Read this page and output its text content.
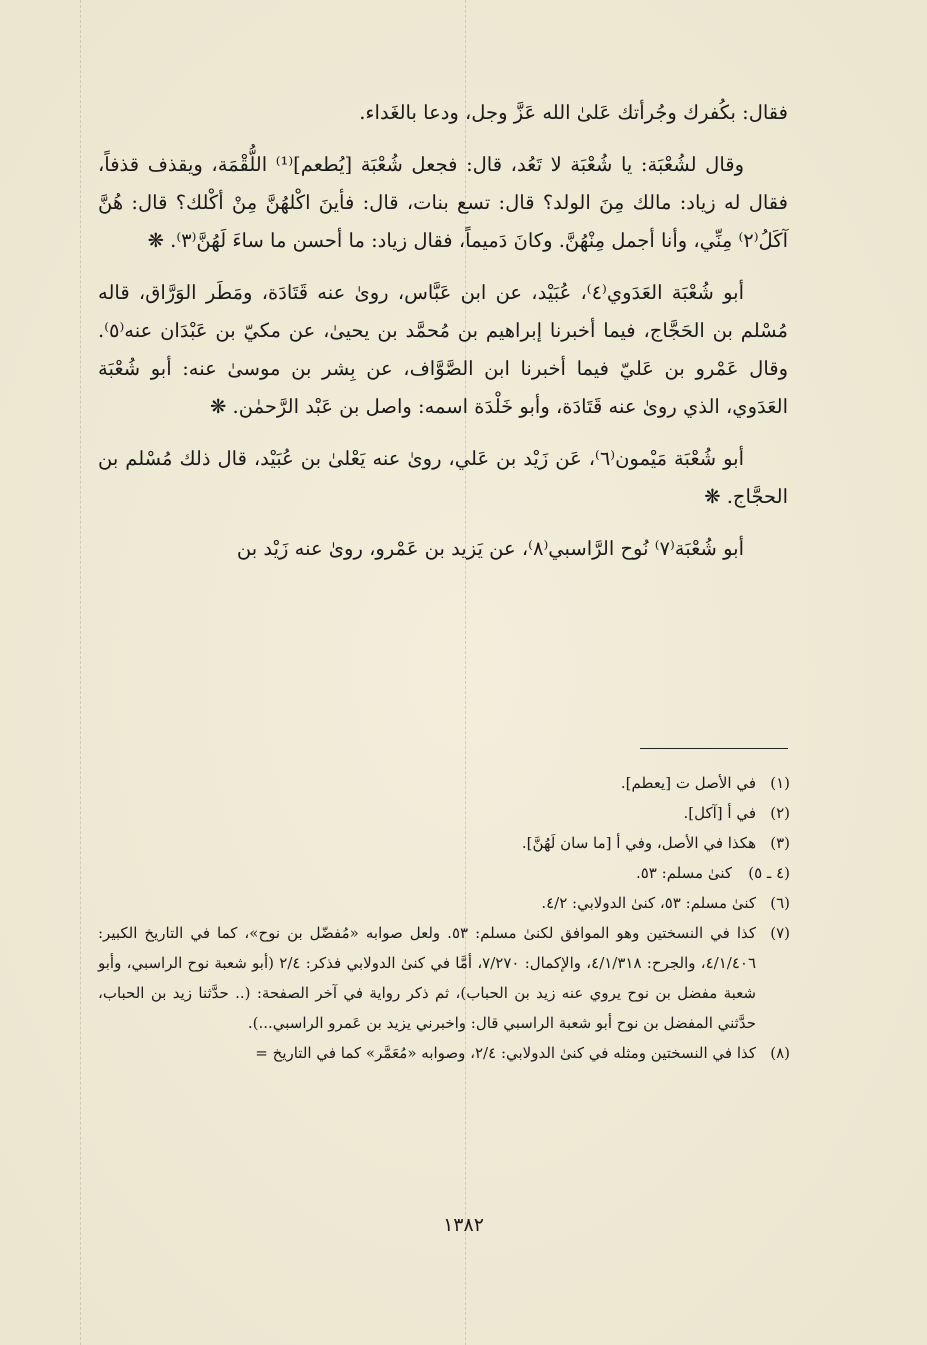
فقال: بكُفرك وجُرأتك عَلىٰ الله عَزَّ وجل، ودعا بالغَداء.

وقال لشُعْبَة: يا شُعْبَة لا تَعُد، قال: فجعل شُعْبَة [يُطعم]⁽¹⁾ اللُّقْمَة، ويقذف قذفاً، فقال له زياد: مالك مِنَ الولد؟ قال: تسع بنات، قال: فأينَ اكْلهُنَّ مِنْ أكْلك؟ قال: هُنَّ آكَلُ⁽٢⁾ مِنِّي، وأنا أجمل مِنْهُنَّ. وكانَ دَميماً، فقال زياد: ما أحسن ما ساءَ لَهُنَّ⁽٣⁾. ❋

أبو شُعْبَة العَدَوي⁽٤⁾، عُبَيْد، عن ابن عَبَّاس، روىٰ عنه قَتَادَة، ومَطَر الوَرَّاق، قاله مُسْلم بن الحَجَّاج، فيما أخبرنا إبراهيم بن مُحمَّد بن يحيىٰ، عن مكيّ بن عَبْدَان عنه⁽٥⁾. وقال عَمْرو بن عَليّ فيما أخبرنا ابن الصَّوَّاف، عن بِشر بن موسىٰ عنه: أبو شُعْبَة العَدَوي، الذي روىٰ عنه قَتَادَة، وأبو خَلْدَة اسمه: واصل بن عَبْد الرَّحمٰن. ❋

أبو شُعْبَة مَيْمون⁽٦⁾، عَن زَيْد بن عَلي، روىٰ عنه يَعْلىٰ بن عُبَيْد، قال ذلك مُسْلم بن الحجَّاج. ❋

أبو شُعْبَة⁽٧⁾ نُوح الرَّاسبي⁽٨⁾، عن يَزيد بن عَمْرو، روىٰ عنه زَيْد بن

(١)
في الأصل ت [يعطم].
(٢)
في أ [آكل].
(٣)
هكذا في الأصل، وفي أ [ما سان لَهُنَّ].
(٤ ـ ٥)
كنىٰ مسلم: ٥٣.
(٦)
كنىٰ مسلم: ٥٣، كنىٰ الدولابي: ٤/٢.
(٧)
كذا في النسختين وهو الموافق لكنىٰ مسلم: ٥٣. ولعل صوابه «مُفضّل بن نوح»، كما في التاريخ الكبير: ٤/١/٤٠٦، والجرح: ٤/١/٣١٨، والإكمال: ٧/٢٧٠، أمَّا في كنىٰ الدولابي فذكر: ٢/٤ (أبو شعبة نوح الراسبي، وأبو شعبة مفضل بن نوح يروي عنه زيد بن الحباب)، ثم ذكر رواية في آخر الصفحة: (.. حدَّثنا زيد بن الحباب، حدَّثني المفضل بن نوح أبو شعبة الراسبي قال: واخبرني يزيد بن عَمرو الراسبي...).
(٨)
كذا في النسختين ومثله في كنىٰ الدولابي: ٢/٤، وصوابه «مُعَمَّر» كما في التاريخ =
١٣٨٢
